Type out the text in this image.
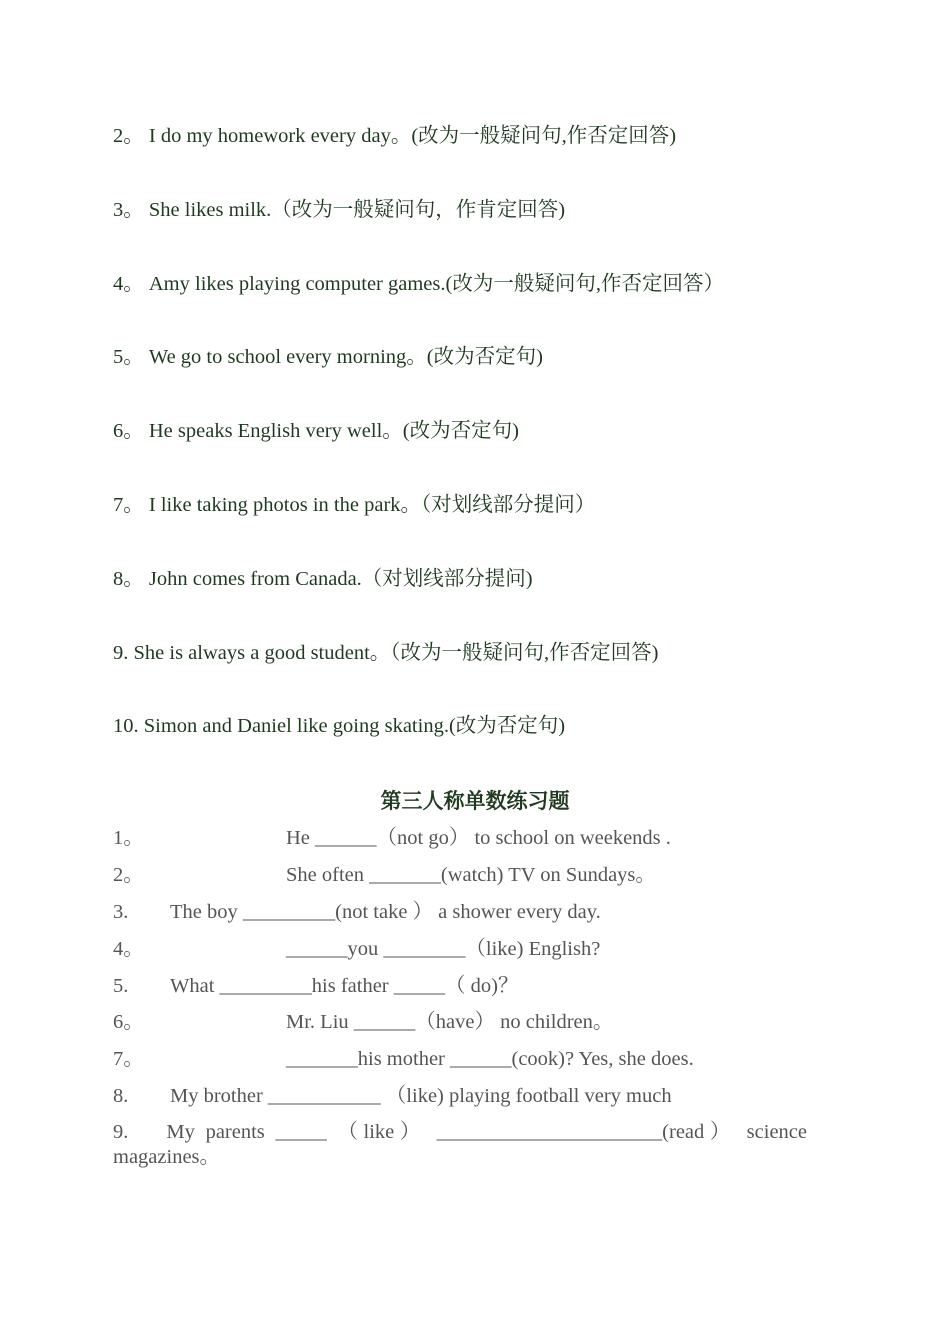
2。 I do my homework every day。(改为一般疑问句,作否定回答)
3。 She likes milk.（改为一般疑问句，作肯定回答)
4。 Amy likes playing computer games.(改为一般疑问句,作否定回答）
5。 We go to school every morning。(改为否定句)
6。 He speaks English very well。(改为否定句)
7。 I like taking photos in the park。（对划线部分提问）
8。 John comes from Canada.（对划线部分提问)
9. She is always a good student。（改为一般疑问句,作否定回答)
10. Simon and Daniel like going skating.(改为否定句)
第三人称单数练习题
1。	He ______（not go） to school on weekends .
2。	She often _______(watch) TV on Sundays。
3. The boy _________(not take ） a shower every day.
4。	______you ________（like) English?
5. What _________his father _____（ do)？
6。	Mr. Liu ______（have） no children。
7。	_______his mother ______(cook)? Yes, she does.
8. My brother ___________ （like) playing football very much
9. My parents _____ （like） ______________________(read） science magazines。
